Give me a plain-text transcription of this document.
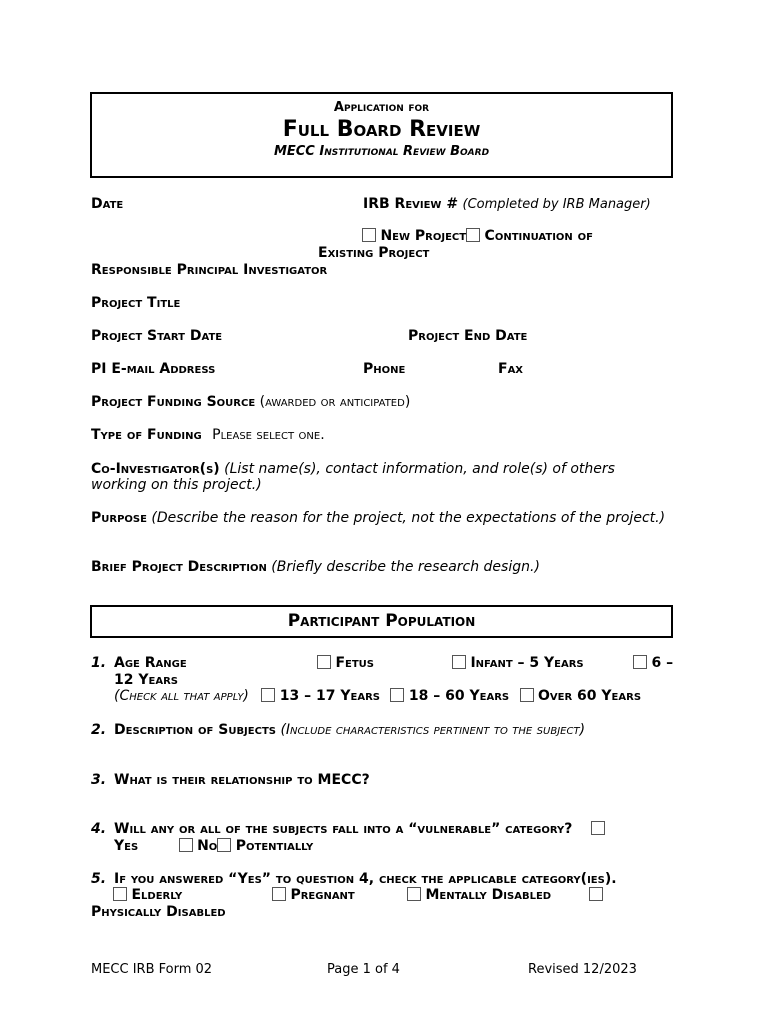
Application for
Full Board Review
MECC Institutional Review Board
Date	IRB Review # (Completed by IRB Manager)
New Project Continuation of
Existing Project
Responsible Principal Investigator
Project Title
Project Start Date	Project End Date
PI E-mail Address	Phone	Fax
Project Funding Source (awarded or anticipated)
Type of Funding Please select one.
Co-Investigator(s) (List name(s), contact information, and role(s) of others
working on this project.)
Purpose (Describe the reason for the project, not the expectations of the project.)
Brief Project Description (Briefly describe the research design.)
Participant Population
1. Age Range	Fetus	Infant – 5 Years	6 –
12 Years
(Check all that apply) 13 – 17 Years 18 – 60 Years Over 60 Years
2. Description of Subjects (Include characteristics pertinent to the subject)
3. What is their relationship to MECC?
4. Will any or all of the subjects fall into a “vulnerable” category?
Yes	No Potentially
5. If you answered “Yes” to question 4, check the applicable category(ies).
Elderly	Pregnant	Mentally Disabled
Physically Disabled
MECC IRB Form 02	Page 1 of 4	Revised 12/2023
